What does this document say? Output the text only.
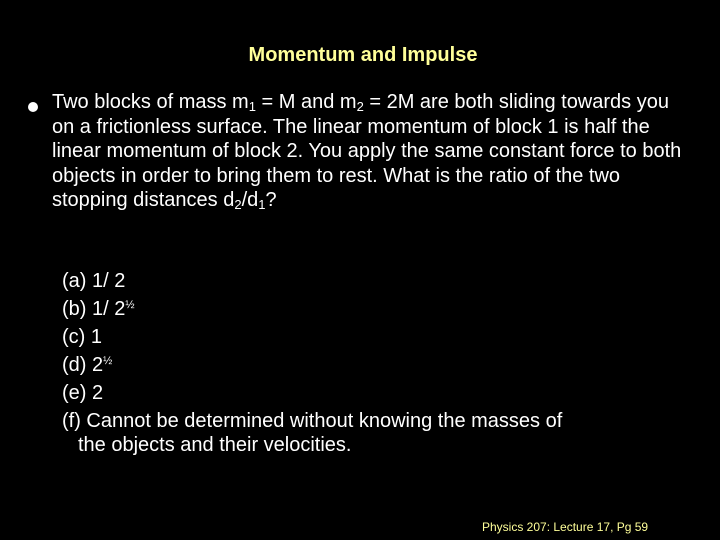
Momentum and Impulse
Two blocks of mass $m_1 = M$ and $m_2 = 2M$ are both sliding towards you on a frictionless surface. The linear momentum of block 1 is half the linear momentum of block 2. You apply the same constant force to both objects in order to bring them to rest. What is the ratio of the two stopping distances $d_2/d_1$?
(a) 1/ 2
(b) 1/ $2^{\frac{1}{2}}$
(c) 1
(d) $2^{\frac{1}{2}}$
(e) 2
(f) Cannot be determined without knowing the masses of
the objects and their velocities.
Physics 207: Lecture 17, Pg 59
